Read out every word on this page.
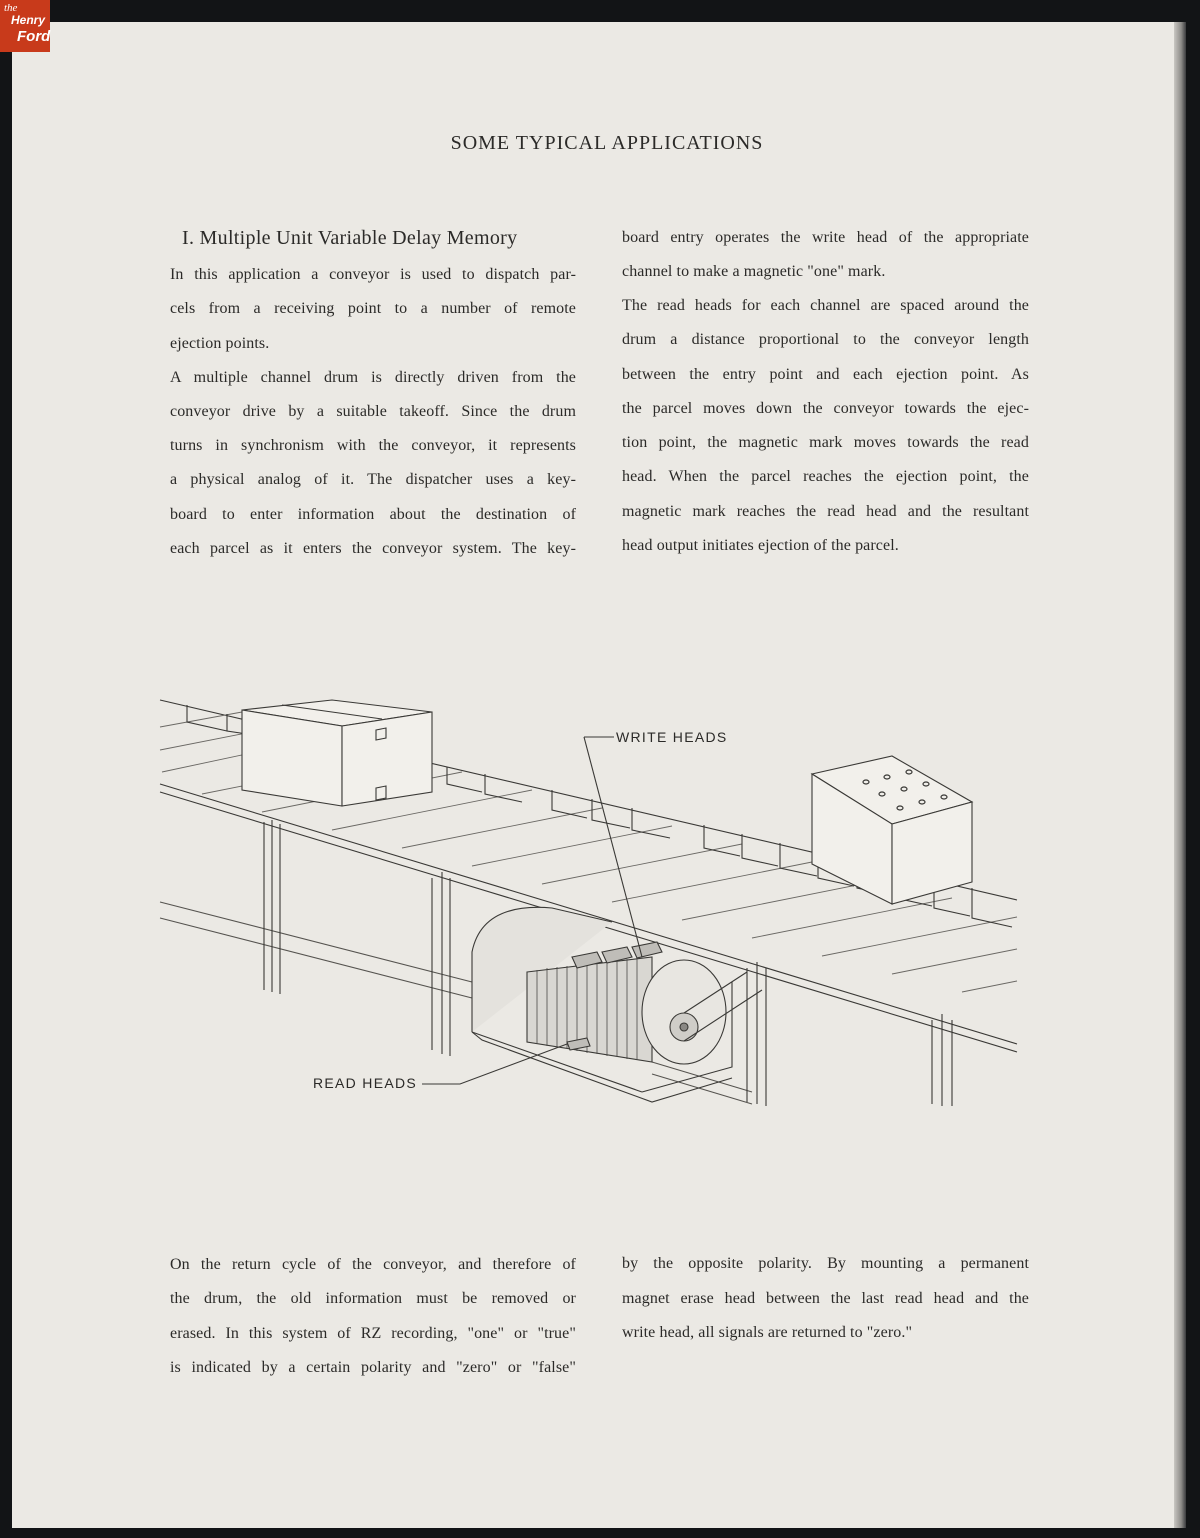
SOME TYPICAL APPLICATIONS
I. Multiple Unit Variable Delay Memory
In this application a conveyor is used to dispatch par-
cels from a receiving point to a number of remote
ejection points.
A multiple channel drum is directly driven from the
conveyor drive by a suitable takeoff. Since the drum
turns in synchronism with the conveyor, it represents
a physical analog of it. The dispatcher uses a key-
board to enter information about the destination of
each parcel as it enters the conveyor system. The key-
board entry operates the write head of the appropriate
channel to make a magnetic "one" mark.
The read heads for each channel are spaced around the
drum a distance proportional to the conveyor length
between the entry point and each ejection point. As
the parcel moves down the conveyor towards the ejec-
tion point, the magnetic mark moves towards the read
head. When the parcel reaches the ejection point, the
magnetic mark reaches the read head and the resultant
head output initiates ejection of the parcel.
WRITE HEADS
READ HEADS
On the return cycle of the conveyor, and therefore of
the drum, the old information must be removed or
erased. In this system of RZ recording, "one" or "true"
is indicated by a certain polarity and "zero" or "false"
by the opposite polarity. By mounting a permanent
magnet erase head between the last read head and the
write head, all signals are returned to "zero."
the
Henry
Ford
